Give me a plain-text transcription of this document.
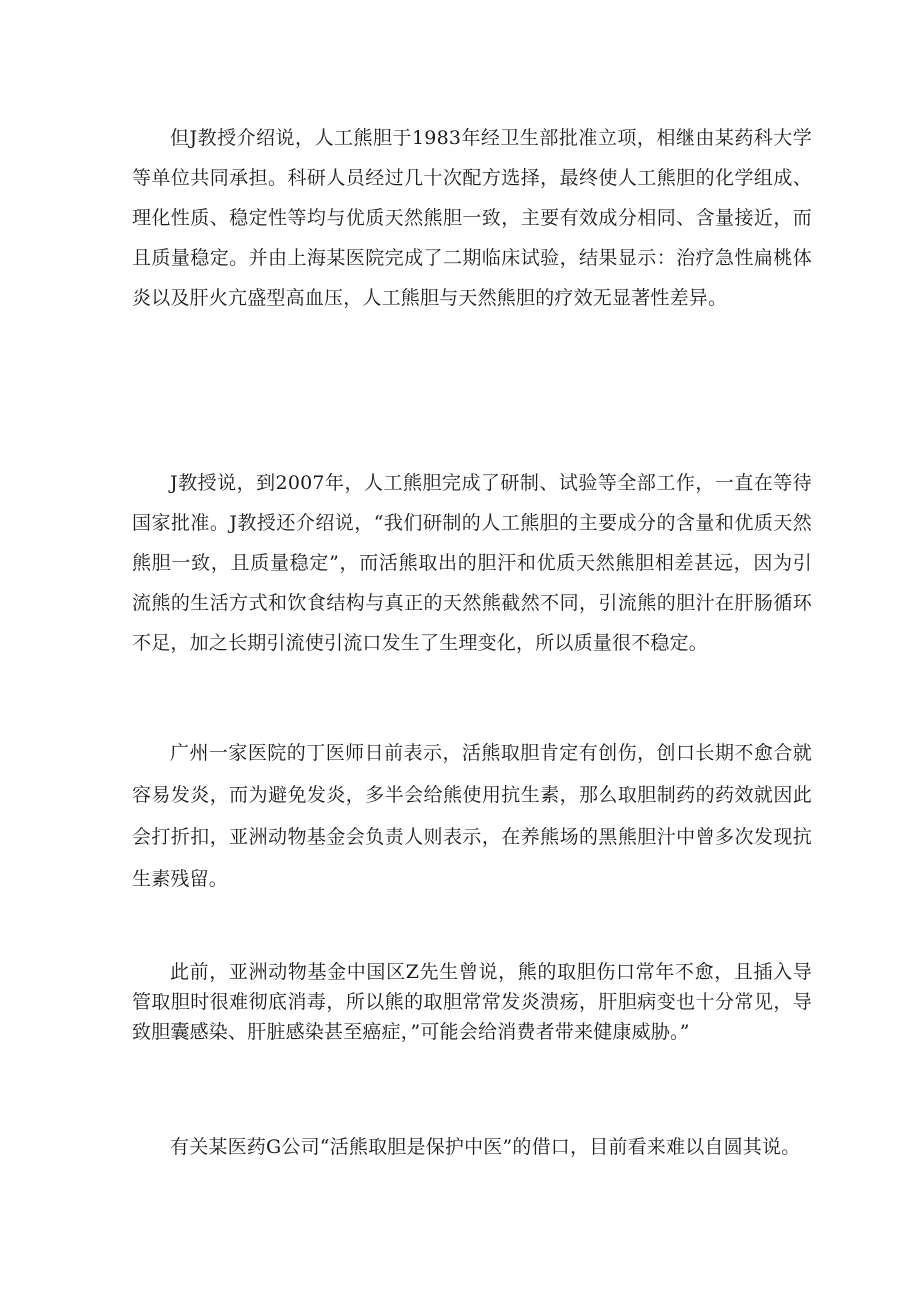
但J教授介绍说，人工熊胆于1983年经卫生部批准立项，相继由某药科大学等单位共同承担。科研人员经过几十次配方选择，最终使人工熊胆的化学组成、理化性质、稳定性等均与优质天然熊胆一致，主要有效成分相同、含量接近，而且质量稳定。并由上海某医院完成了二期临床试验，结果显示：治疗急性扁桃体炎以及肝火亢盛型高血压，人工熊胆与天然熊胆的疗效无显著性差异。

J教授说，到2007年，人工熊胆完成了研制、试验等全部工作，一直在等待国家批准。J教授还介绍说，“我们研制的人工熊胆的主要成分的含量和优质天然熊胆一致，且质量稳定”，而活熊取出的胆汗和优质天然熊胆相差甚远，因为引流熊的生活方式和饮食结构与真正的天然熊截然不同，引流熊的胆汁在肝肠循环不足，加之长期引流使引流口发生了生理变化，所以质量很不稳定。

广州一家医院的丁医师日前表示，活熊取胆肯定有创伤，创口长期不愈合就容易发炎，而为避免发炎，多半会给熊使用抗生素，那么取胆制药的药效就因此会打折扣，亚洲动物基金会负责人则表示，在养熊场的黑熊胆汁中曾多次发现抗生素残留。

此前，亚洲动物基金中国区Z先生曾说，熊的取胆伤口常年不愈，且插入导管取胆时很难彻底消毒，所以熊的取胆常常发炎溃疡，肝胆病变也十分常见，导致胆囊感染、肝脏感染甚至癌症，”可能会给消费者带来健康威胁。”

有关某医药G公司“活熊取胆是保护中医”的借口，目前看来难以自圆其说。
